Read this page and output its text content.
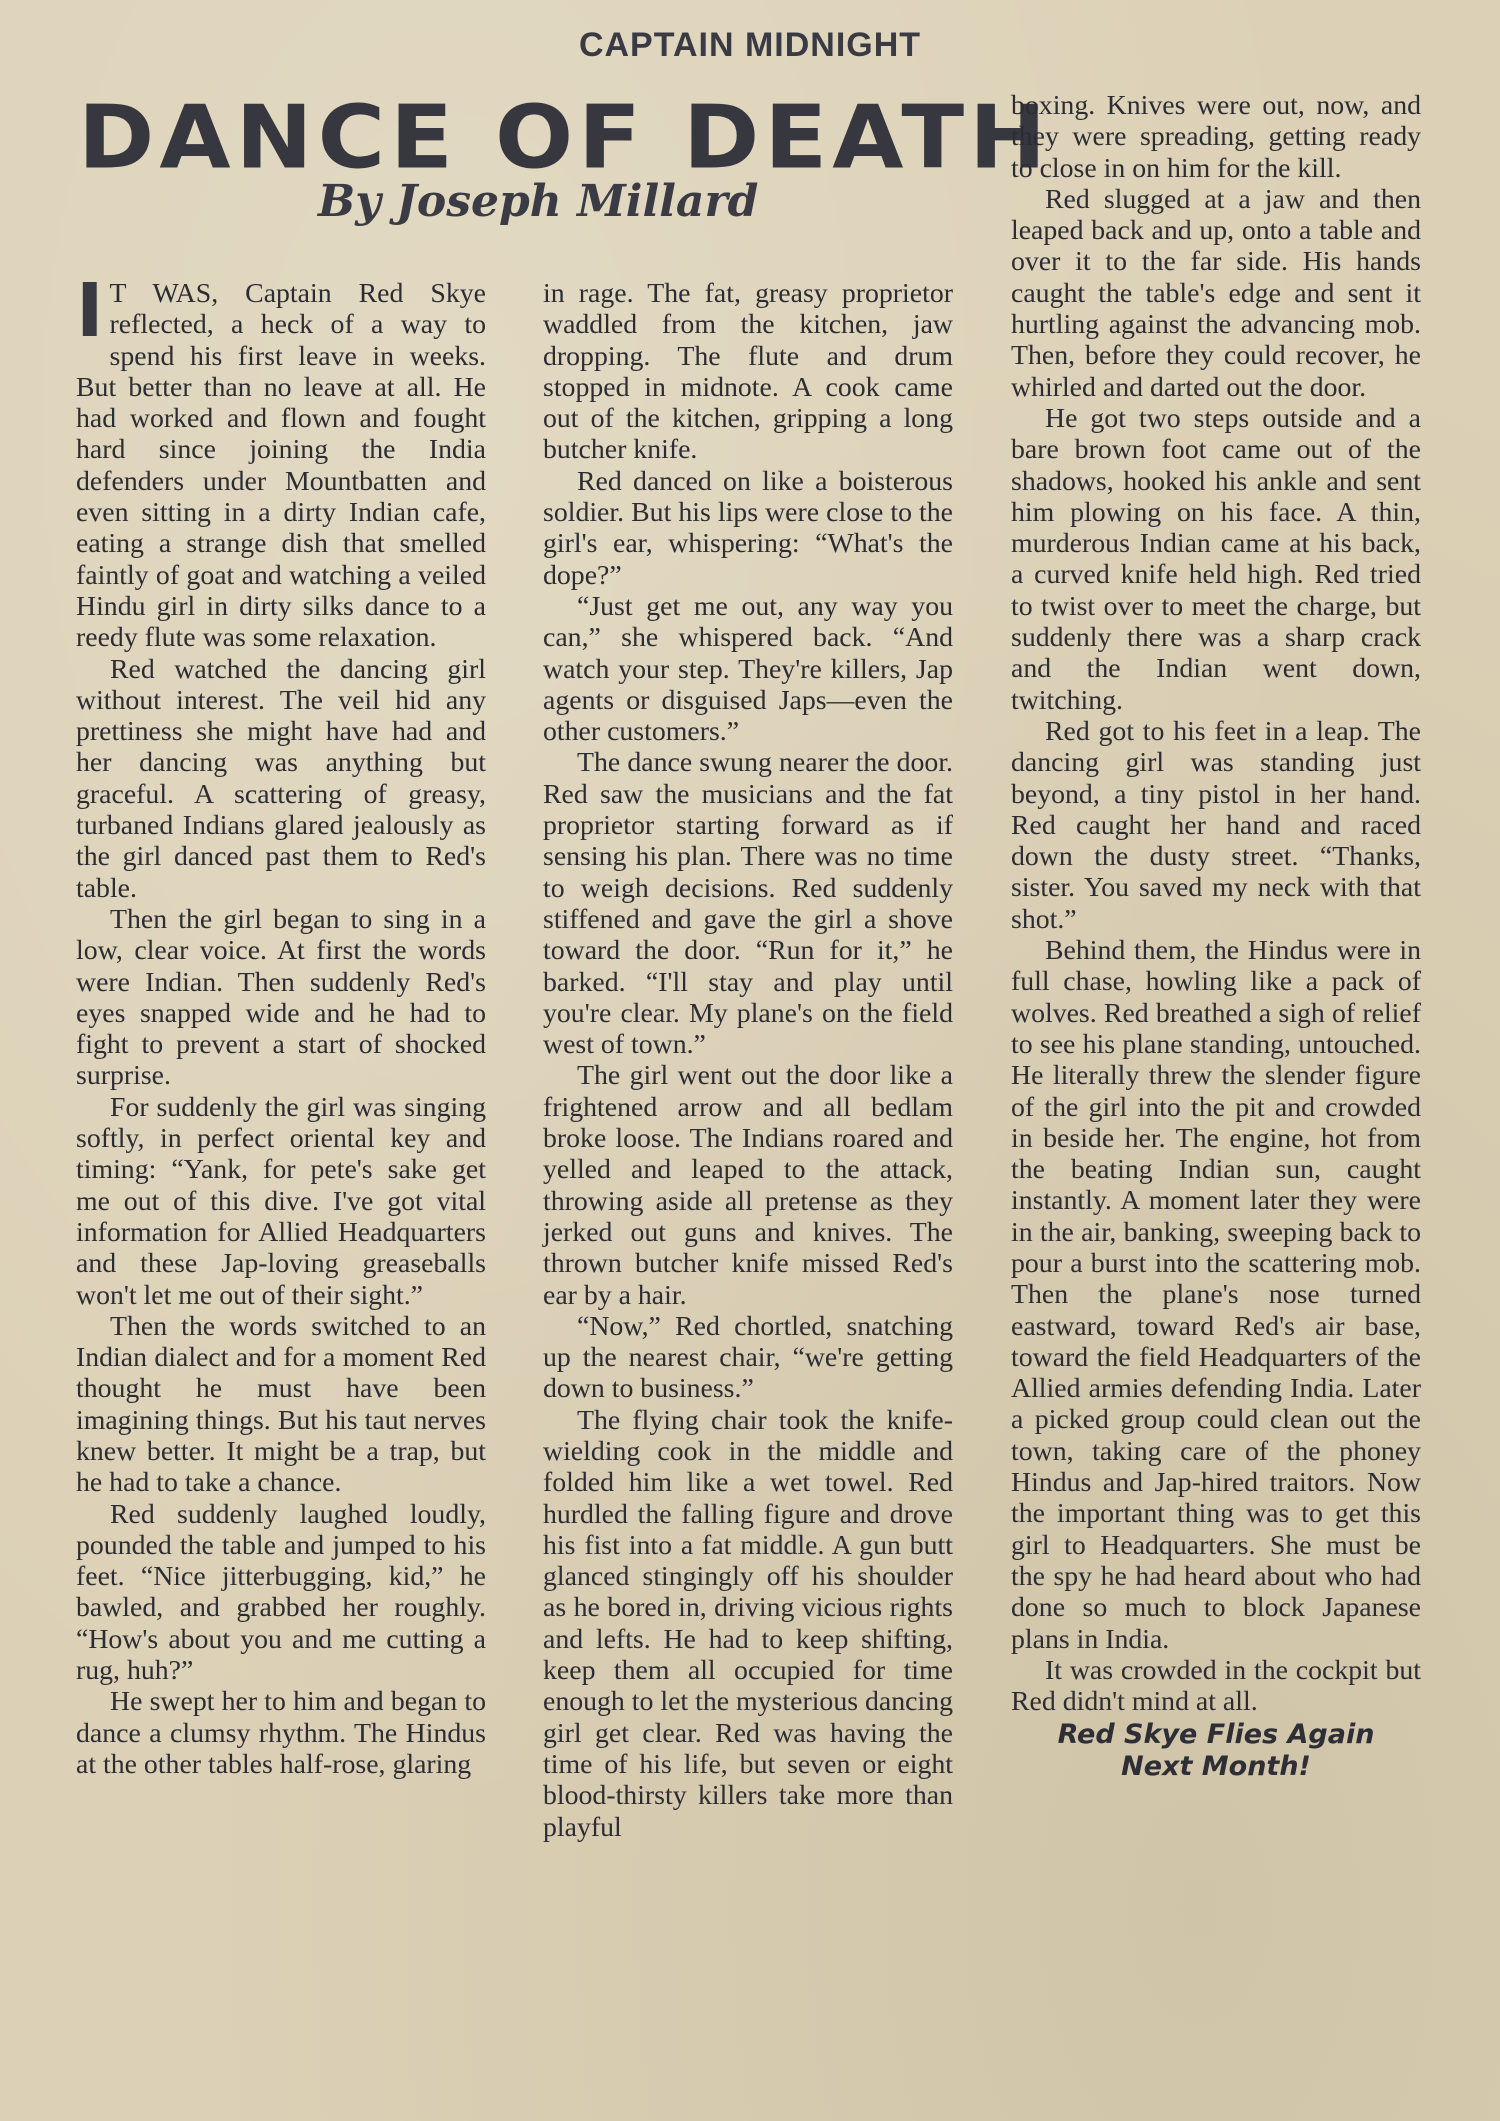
CAPTAIN MIDNIGHT
DANCE OF DEATH
By Joseph Millard

I T WAS, Captain Red Skye reflected, a heck of a way to spend his first leave in weeks. But better than no leave at all. He had worked and flown and fought hard since joining the India defenders under Mountbatten and even sitting in a dirty Indian cafe, eating a strange dish that smelled faintly of goat and watching a veiled Hindu girl in dirty silks dance to a reedy flute was some relaxation.

Red watched the dancing girl without interest. The veil hid any prettiness she might have had and her dancing was anything but graceful. A scattering of greasy, turbaned Indians glared jealously as the girl danced past them to Red's table.

Then the girl began to sing in a low, clear voice. At first the words were Indian. Then suddenly Red's eyes snapped wide and he had to fight to prevent a start of shocked surprise.

For suddenly the girl was singing softly, in perfect oriental key and timing: “Yank, for pete's sake get me out of this dive. I've got vital information for Allied Headquarters and these Jap-loving greaseballs won't let me out of their sight.”

Then the words switched to an Indian dialect and for a moment Red thought he must have been imagining things. But his taut nerves knew better. It might be a trap, but he had to take a chance.

Red suddenly laughed loudly, pounded the table and jumped to his feet. “Nice jitterbugging, kid,” he bawled, and grabbed her roughly. “How's about you and me cutting a rug, huh?”

He swept her to him and began to dance a clumsy rhythm. The Hindus at the other tables half-rose, glaring

in rage. The fat, greasy proprietor waddled from the kitchen, jaw dropping. The flute and drum stopped in midnote. A cook came out of the kitchen, gripping a long butcher knife.

Red danced on like a boisterous soldier. But his lips were close to the girl's ear, whispering: “What's the dope?”

“Just get me out, any way you can,” she whispered back. “And watch your step. They're killers, Jap agents or disguised Japs—even the other customers.”

The dance swung nearer the door. Red saw the musicians and the fat proprietor starting forward as if sensing his plan. There was no time to weigh decisions. Red suddenly stiffened and gave the girl a shove toward the door. “Run for it,” he barked. “I'll stay and play until you're clear. My plane's on the field west of town.”

The girl went out the door like a frightened arrow and all bedlam broke loose. The Indians roared and yelled and leaped to the attack, throwing aside all pretense as they jerked out guns and knives. The thrown butcher knife missed Red's ear by a hair.

“Now,” Red chortled, snatching up the nearest chair, “we're getting down to business.”

The flying chair took the knife-wielding cook in the middle and folded him like a wet towel. Red hurdled the falling figure and drove his fist into a fat middle. A gun butt glanced stingingly off his shoulder as he bored in, driving vicious rights and lefts. He had to keep shifting, keep them all occupied for time enough to let the mysterious dancing girl get clear. Red was having the time of his life, but seven or eight blood-thirsty killers take more than playful

boxing. Knives were out, now, and they were spreading, getting ready to close in on him for the kill.

Red slugged at a jaw and then leaped back and up, onto a table and over it to the far side. His hands caught the table's edge and sent it hurtling against the advancing mob. Then, before they could recover, he whirled and darted out the door.

He got two steps outside and a bare brown foot came out of the shadows, hooked his ankle and sent him plowing on his face. A thin, murderous Indian came at his back, a curved knife held high. Red tried to twist over to meet the charge, but suddenly there was a sharp crack and the Indian went down, twitching.

Red got to his feet in a leap. The dancing girl was standing just beyond, a tiny pistol in her hand. Red caught her hand and raced down the dusty street. “Thanks, sister. You saved my neck with that shot.”

Behind them, the Hindus were in full chase, howling like a pack of wolves. Red breathed a sigh of relief to see his plane standing, untouched. He literally threw the slender figure of the girl into the pit and crowded in beside her. The engine, hot from the beating Indian sun, caught instantly. A moment later they were in the air, banking, sweeping back to pour a burst into the scattering mob. Then the plane's nose turned eastward, toward Red's air base, toward the field Headquarters of the Allied armies defending India. Later a picked group could clean out the town, taking care of the phoney Hindus and Jap-hired traitors. Now the important thing was to get this girl to Headquarters. She must be the spy he had heard about who had done so much to block Japanese plans in India.

It was crowded in the cockpit but Red didn't mind at all.

Red Skye Flies Again
Next Month!
